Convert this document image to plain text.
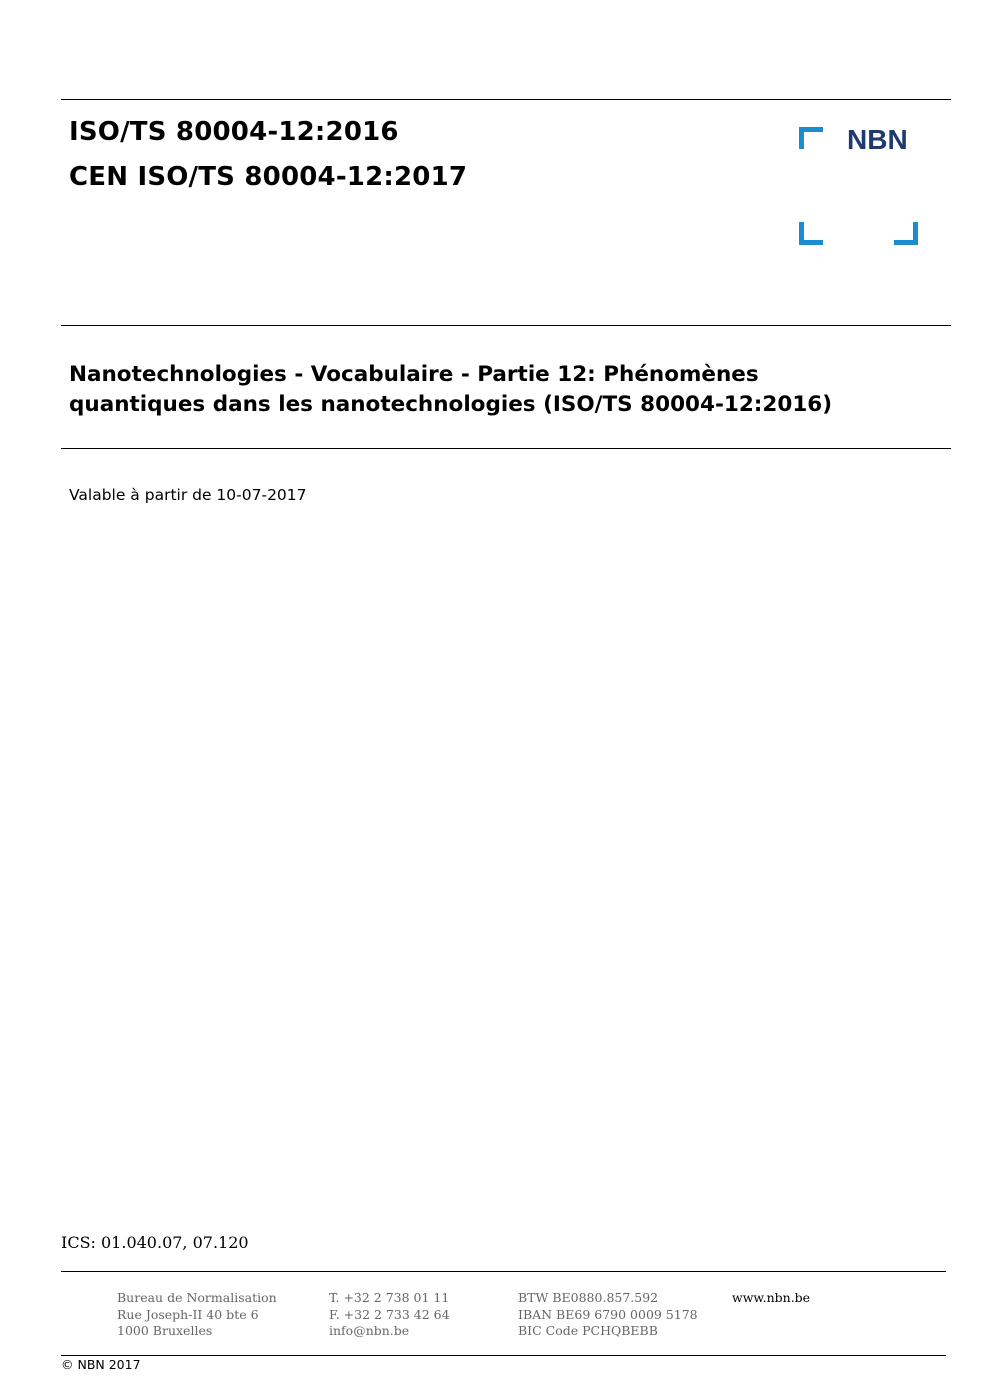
ISO/TS 80004-12:2016
CEN ISO/TS 80004-12:2017
NBN
Nanotechnologies - Vocabulaire - Partie 12: Phénomènes
quantiques dans les nanotechnologies (ISO/TS 80004-12:2016)
Valable à partir de 10-07-2017
ICS: 01.040.07, 07.120
Bureau de Normalisation
Rue Joseph-II 40 bte 6
1000 Bruxelles
T. +32 2 738 01 11
F. +32 2 733 42 64
info@nbn.be
BTW BE0880.857.592
IBAN BE69 6790 0009 5178
BIC Code PCHQBEBB
www.nbn.be
© NBN 2017
